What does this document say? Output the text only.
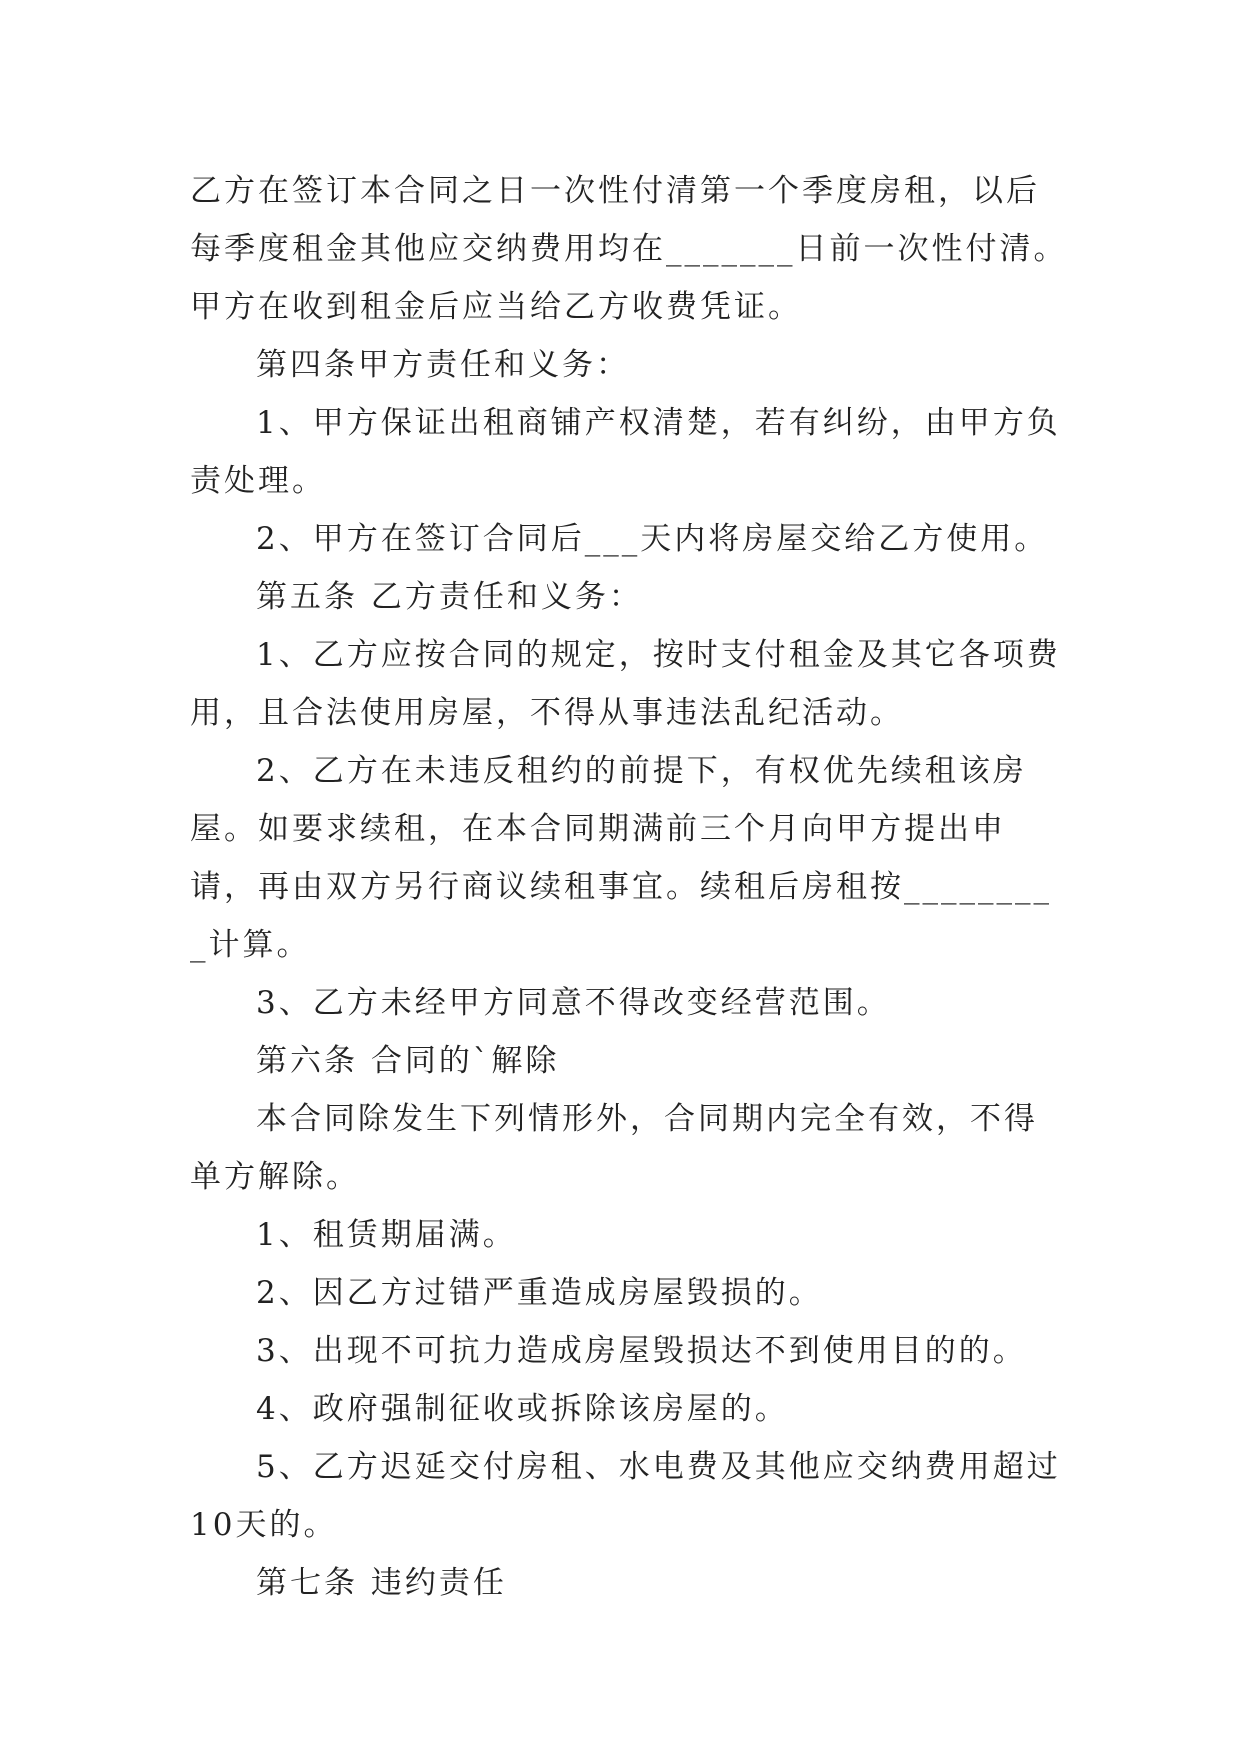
乙方在签订本合同之日一次性付清第一个季度房租，以后每季度租金其他应交纳费用均在_______日前一次性付清。甲方在收到租金后应当给乙方收费凭证。

第四条甲方责任和义务：

1、甲方保证出租商铺产权清楚，若有纠纷，由甲方负责处理。

2、甲方在签订合同后___天内将房屋交给乙方使用。

第五条 乙方责任和义务：

1、乙方应按合同的规定，按时支付租金及其它各项费用，且合法使用房屋，不得从事违法乱纪活动。

2、乙方在未违反租约的前提下，有权优先续租该房屋。如要求续租，在本合同期满前三个月向甲方提出申请，再由双方另行商议续租事宜。续租后房租按_________计算。

3、乙方未经甲方同意不得改变经营范围。

第六条 合同的`解除

本合同除发生下列情形外，合同期内完全有效，不得单方解除。

1、租赁期届满。

2、因乙方过错严重造成房屋毁损的。

3、出现不可抗力造成房屋毁损达不到使用目的的。

4、政府强制征收或拆除该房屋的。

5、乙方迟延交付房租、水电费及其他应交纳费用超过10天的。

第七条 违约责任
